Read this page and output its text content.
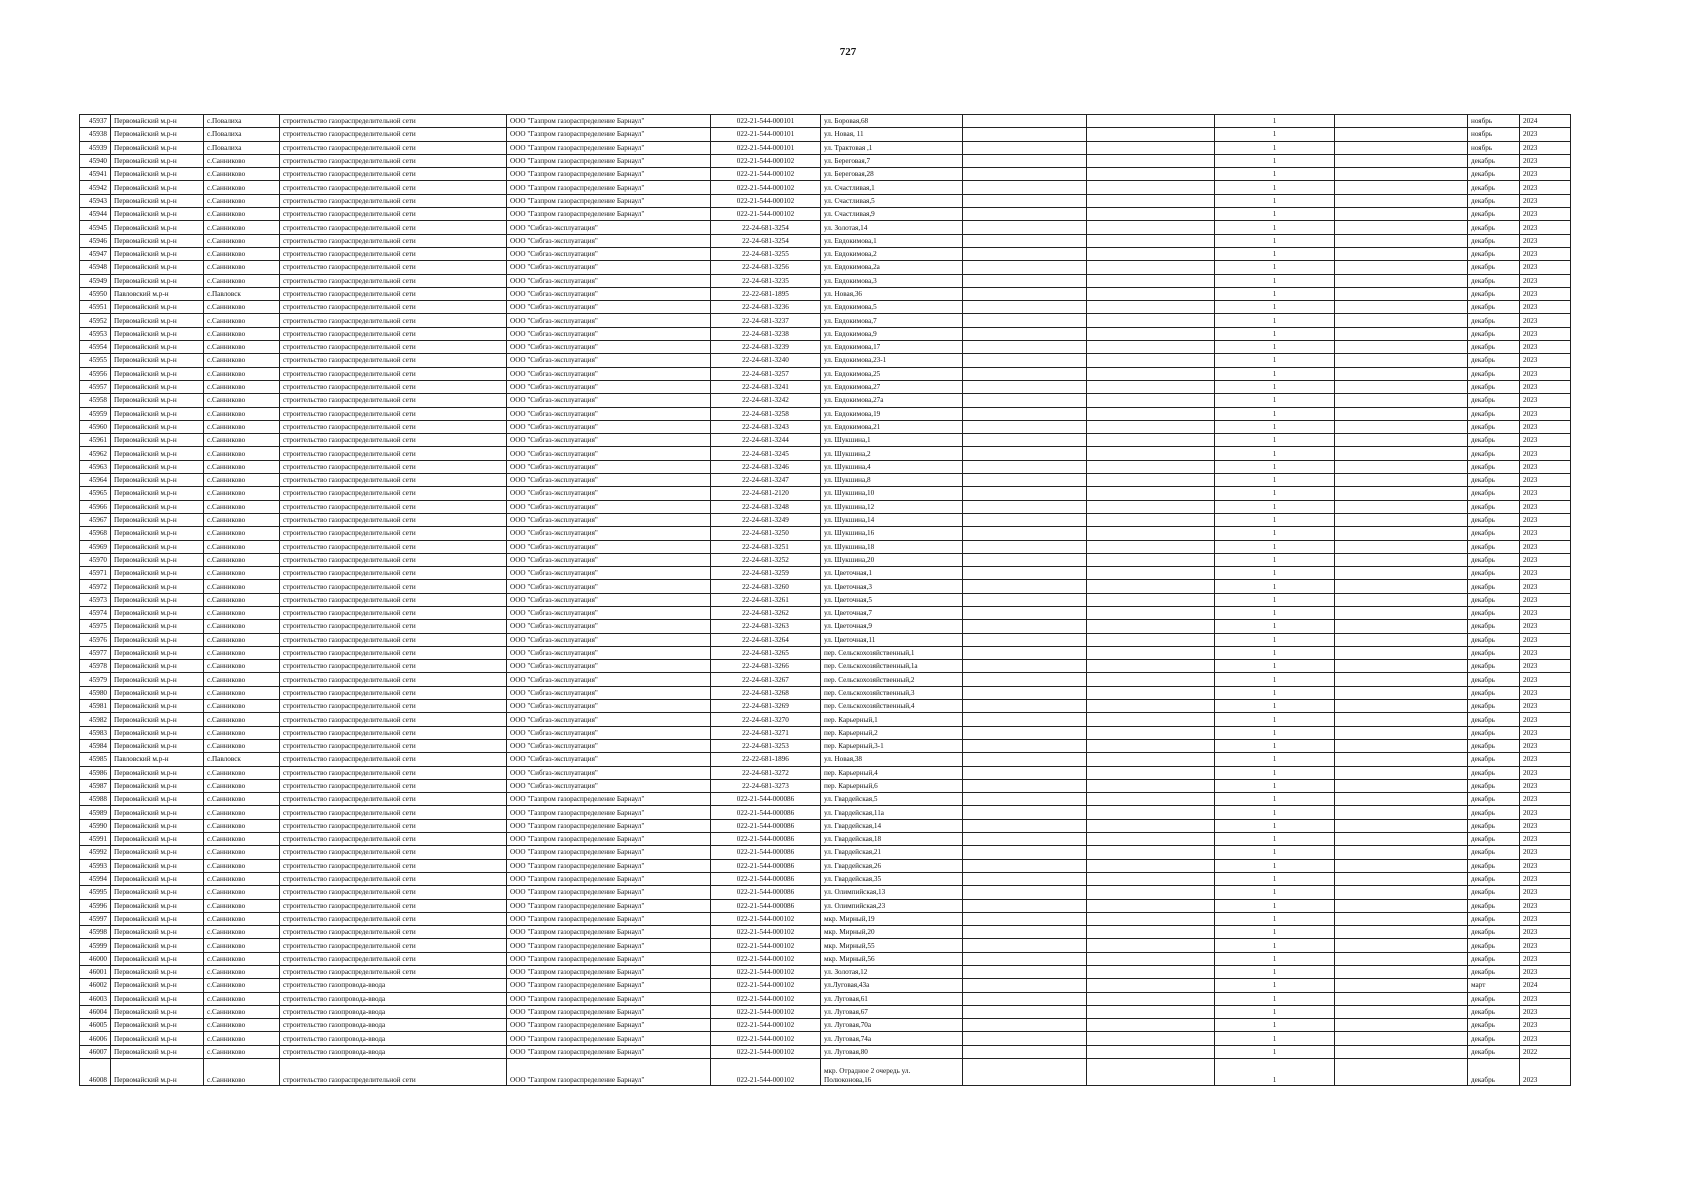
727
45937	Первомайский м.р-н	с.Повалиха	строительство газораспределительной сети	ООО "Газпром газораспределение Барнаул"	022-21-544-000101	ул. Боровая,68			1		ноябрь	2024
45938	Первомайский м.р-н	с.Повалиха	строительство газораспределительной сети	ООО "Газпром газораспределение Барнаул"	022-21-544-000101	ул. Новая, 11			1		ноябрь	2023
45939	Первомайский м.р-н	с.Повалиха	строительство газораспределительной сети	ООО "Газпром газораспределение Барнаул"	022-21-544-000101	ул. Трактовая ,1			1		ноябрь	2023
45940	Первомайский м.р-н	с.Санниково	строительство газораспределительной сети	ООО "Газпром газораспределение Барнаул"	022-21-544-000102	ул. Береговая,7			1		декабрь	2023
45941	Первомайский м.р-н	с.Санниково	строительство газораспределительной сети	ООО "Газпром газораспределение Барнаул"	022-21-544-000102	ул. Береговая,28			1		декабрь	2023
45942	Первомайский м.р-н	с.Санниково	строительство газораспределительной сети	ООО "Газпром газораспределение Барнаул"	022-21-544-000102	ул. Счастливая,1			1		декабрь	2023
45943	Первомайский м.р-н	с.Санниково	строительство газораспределительной сети	ООО "Газпром газораспределение Барнаул"	022-21-544-000102	ул. Счастливая,5			1		декабрь	2023
45944	Первомайский м.р-н	с.Санниково	строительство газораспределительной сети	ООО "Газпром газораспределение Барнаул"	022-21-544-000102	ул. Счастливая,9			1		декабрь	2023
45945	Первомайский м.р-н	с.Санниково	строительство газораспределительной сети	ООО "Сибгаз-эксплуатация"	22-24-681-3254	ул. Золотая,14			1		декабрь	2023
45946	Первомайский м.р-н	с.Санниково	строительство газораспределительной сети	ООО "Сибгаз-эксплуатация"	22-24-681-3254	ул. Евдокимова,1			1		декабрь	2023
45947	Первомайский м.р-н	с.Санниково	строительство газораспределительной сети	ООО "Сибгаз-эксплуатация"	22-24-681-3255	ул. Евдокимова,2			1		декабрь	2023
45948	Первомайский м.р-н	с.Санниково	строительство газораспределительной сети	ООО "Сибгаз-эксплуатация"	22-24-681-3256	ул. Евдокимова,2а			1		декабрь	2023
45949	Первомайский м.р-н	с.Санниково	строительство газораспределительной сети	ООО "Сибгаз-эксплуатация"	22-24-681-3235	ул. Евдокимова,3			1		декабрь	2023
45950	Павловский м.р-н	с.Павловск	строительство газораспределительной сети	ООО "Сибгаз-эксплуатация"	22-22-681-1895	ул. Новая,36			1		декабрь	2023
45951	Первомайский м.р-н	с.Санниково	строительство газораспределительной сети	ООО "Сибгаз-эксплуатация"	22-24-681-3236	ул. Евдокимова,5			1		декабрь	2023
45952	Первомайский м.р-н	с.Санниково	строительство газораспределительной сети	ООО "Сибгаз-эксплуатация"	22-24-681-3237	ул. Евдокимова,7			1		декабрь	2023
45953	Первомайский м.р-н	с.Санниково	строительство газораспределительной сети	ООО "Сибгаз-эксплуатация"	22-24-681-3238	ул. Евдокимова,9			1		декабрь	2023
45954	Первомайский м.р-н	с.Санниково	строительство газораспределительной сети	ООО "Сибгаз-эксплуатация"	22-24-681-3239	ул. Евдокимова,17			1		декабрь	2023
45955	Первомайский м.р-н	с.Санниково	строительство газораспределительной сети	ООО "Сибгаз-эксплуатация"	22-24-681-3240	ул. Евдокимова,23-1			1		декабрь	2023
45956	Первомайский м.р-н	с.Санниково	строительство газораспределительной сети	ООО "Сибгаз-эксплуатация"	22-24-681-3257	ул. Евдокимова,25			1		декабрь	2023
45957	Первомайский м.р-н	с.Санниково	строительство газораспределительной сети	ООО "Сибгаз-эксплуатация"	22-24-681-3241	ул. Евдокимова,27			1		декабрь	2023
45958	Первомайский м.р-н	с.Санниково	строительство газораспределительной сети	ООО "Сибгаз-эксплуатация"	22-24-681-3242	ул. Евдокимова,27а			1		декабрь	2023
45959	Первомайский м.р-н	с.Санниково	строительство газораспределительной сети	ООО "Сибгаз-эксплуатация"	22-24-681-3258	ул. Евдокимова,19			1		декабрь	2023
45960	Первомайский м.р-н	с.Санниково	строительство газораспределительной сети	ООО "Сибгаз-эксплуатация"	22-24-681-3243	ул. Евдокимова,21			1		декабрь	2023
45961	Первомайский м.р-н	с.Санниково	строительство газораспределительной сети	ООО "Сибгаз-эксплуатация"	22-24-681-3244	ул. Шукшина,1			1		декабрь	2023
45962	Первомайский м.р-н	с.Санниково	строительство газораспределительной сети	ООО "Сибгаз-эксплуатация"	22-24-681-3245	ул. Шукшина,2			1		декабрь	2023
45963	Первомайский м.р-н	с.Санниково	строительство газораспределительной сети	ООО "Сибгаз-эксплуатация"	22-24-681-3246	ул. Шукшина,4			1		декабрь	2023
45964	Первомайский м.р-н	с.Санниково	строительство газораспределительной сети	ООО "Сибгаз-эксплуатация"	22-24-681-3247	ул. Шукшина,8			1		декабрь	2023
45965	Первомайский м.р-н	с.Санниково	строительство газораспределительной сети	ООО "Сибгаз-эксплуатация"	22-24-681-2120	ул. Шукшина,10			1		декабрь	2023
45966	Первомайский м.р-н	с.Санниково	строительство газораспределительной сети	ООО "Сибгаз-эксплуатация"	22-24-681-3248	ул. Шукшина,12			1		декабрь	2023
45967	Первомайский м.р-н	с.Санниково	строительство газораспределительной сети	ООО "Сибгаз-эксплуатация"	22-24-681-3249	ул. Шукшина,14			1		декабрь	2023
45968	Первомайский м.р-н	с.Санниково	строительство газораспределительной сети	ООО "Сибгаз-эксплуатация"	22-24-681-3250	ул. Шукшина,16			1		декабрь	2023
45969	Первомайский м.р-н	с.Санниково	строительство газораспределительной сети	ООО "Сибгаз-эксплуатация"	22-24-681-3251	ул. Шукшина,18			1		декабрь	2023
45970	Первомайский м.р-н	с.Санниково	строительство газораспределительной сети	ООО "Сибгаз-эксплуатация"	22-24-681-3252	ул. Шукшина,20			1		декабрь	2023
45971	Первомайский м.р-н	с.Санниково	строительство газораспределительной сети	ООО "Сибгаз-эксплуатация"	22-24-681-3259	ул. Цветочная,1			1		декабрь	2023
45972	Первомайский м.р-н	с.Санниково	строительство газораспределительной сети	ООО "Сибгаз-эксплуатация"	22-24-681-3260	ул. Цветочная,3			1		декабрь	2023
45973	Первомайский м.р-н	с.Санниково	строительство газораспределительной сети	ООО "Сибгаз-эксплуатация"	22-24-681-3261	ул. Цветочная,5			1		декабрь	2023
45974	Первомайский м.р-н	с.Санниково	строительство газораспределительной сети	ООО "Сибгаз-эксплуатация"	22-24-681-3262	ул. Цветочная,7			1		декабрь	2023
45975	Первомайский м.р-н	с.Санниково	строительство газораспределительной сети	ООО "Сибгаз-эксплуатация"	22-24-681-3263	ул. Цветочная,9			1		декабрь	2023
45976	Первомайский м.р-н	с.Санниково	строительство газораспределительной сети	ООО "Сибгаз-эксплуатация"	22-24-681-3264	ул. Цветочная,11			1		декабрь	2023
45977	Первомайский м.р-н	с.Санниково	строительство газораспределительной сети	ООО "Сибгаз-эксплуатация"	22-24-681-3265	пер. Сельскохозяйственный,1			1		декабрь	2023
45978	Первомайский м.р-н	с.Санниково	строительство газораспределительной сети	ООО "Сибгаз-эксплуатация"	22-24-681-3266	пер. Сельскохозяйственный,1а			1		декабрь	2023
45979	Первомайский м.р-н	с.Санниково	строительство газораспределительной сети	ООО "Сибгаз-эксплуатация"	22-24-681-3267	пер. Сельскохозяйственный,2			1		декабрь	2023
45980	Первомайский м.р-н	с.Санниково	строительство газораспределительной сети	ООО "Сибгаз-эксплуатация"	22-24-681-3268	пер. Сельскохозяйственный,3			1		декабрь	2023
45981	Первомайский м.р-н	с.Санниково	строительство газораспределительной сети	ООО "Сибгаз-эксплуатация"	22-24-681-3269	пер. Сельскохозяйственный,4			1		декабрь	2023
45982	Первомайский м.р-н	с.Санниково	строительство газораспределительной сети	ООО "Сибгаз-эксплуатация"	22-24-681-3270	пер. Карьерный,1			1		декабрь	2023
45983	Первомайский м.р-н	с.Санниково	строительство газораспределительной сети	ООО "Сибгаз-эксплуатация"	22-24-681-3271	пер. Карьерный,2			1		декабрь	2023
45984	Первомайский м.р-н	с.Санниково	строительство газораспределительной сети	ООО "Сибгаз-эксплуатация"	22-24-681-3253	пер. Карьерный,3-1			1		декабрь	2023
45985	Павловский м.р-н	с.Павловск	строительство газораспределительной сети	ООО "Сибгаз-эксплуатация"	22-22-681-1896	ул. Новая,38			1		декабрь	2023
45986	Первомайский м.р-н	с.Санниково	строительство газораспределительной сети	ООО "Сибгаз-эксплуатация"	22-24-681-3272	пер. Карьерный,4			1		декабрь	2023
45987	Первомайский м.р-н	с.Санниково	строительство газораспределительной сети	ООО "Сибгаз-эксплуатация"	22-24-681-3273	пер. Карьерный,6			1		декабрь	2023
45988	Первомайский м.р-н	с.Санниково	строительство газораспределительной сети	ООО "Газпром газораспределение Барнаул"	022-21-544-000086	ул. Гвардейская,5			1		декабрь	2023
45989	Первомайский м.р-н	с.Санниково	строительство газораспределительной сети	ООО "Газпром газораспределение Барнаул"	022-21-544-000086	ул. Гвардейская,11а			1		декабрь	2023
45990	Первомайский м.р-н	с.Санниково	строительство газораспределительной сети	ООО "Газпром газораспределение Барнаул"	022-21-544-000086	ул. Гвардейская,14			1		декабрь	2023
45991	Первомайский м.р-н	с.Санниково	строительство газораспределительной сети	ООО "Газпром газораспределение Барнаул"	022-21-544-000086	ул. Гвардейская,18			1		декабрь	2023
45992	Первомайский м.р-н	с.Санниково	строительство газораспределительной сети	ООО "Газпром газораспределение Барнаул"	022-21-544-000086	ул. Гвардейская,21			1		декабрь	2023
45993	Первомайский м.р-н	с.Санниково	строительство газораспределительной сети	ООО "Газпром газораспределение Барнаул"	022-21-544-000086	ул. Гвардейская,26			1		декабрь	2023
45994	Первомайский м.р-н	с.Санниково	строительство газораспределительной сети	ООО "Газпром газораспределение Барнаул"	022-21-544-000086	ул. Гвардейская,35			1		декабрь	2023
45995	Первомайский м.р-н	с.Санниково	строительство газораспределительной сети	ООО "Газпром газораспределение Барнаул"	022-21-544-000086	ул. Олимпийская,13			1		декабрь	2023
45996	Первомайский м.р-н	с.Санниково	строительство газораспределительной сети	ООО "Газпром газораспределение Барнаул"	022-21-544-000086	ул. Олимпийская,23			1		декабрь	2023
45997	Первомайский м.р-н	с.Санниково	строительство газораспределительной сети	ООО "Газпром газораспределение Барнаул"	022-21-544-000102	мкр. Мирный,19			1		декабрь	2023
45998	Первомайский м.р-н	с.Санниково	строительство газораспределительной сети	ООО "Газпром газораспределение Барнаул"	022-21-544-000102	мкр. Мирный,20			1		декабрь	2023
45999	Первомайский м.р-н	с.Санниково	строительство газораспределительной сети	ООО "Газпром газораспределение Барнаул"	022-21-544-000102	мкр. Мирный,55			1		декабрь	2023
46000	Первомайский м.р-н	с.Санниково	строительство газораспределительной сети	ООО "Газпром газораспределение Барнаул"	022-21-544-000102	мкр. Мирный,56			1		декабрь	2023
46001	Первомайский м.р-н	с.Санниково	строительство газораспределительной сети	ООО "Газпром газораспределение Барнаул"	022-21-544-000102	ул. Золотая,12			1		декабрь	2023
46002	Первомайский м.р-н	с.Санниково	строительство газопровода-ввода	ООО "Газпром газораспределение Барнаул"	022-21-544-000102	ул.Луговая,43а			1		март	2024
46003	Первомайский м.р-н	с.Санниково	строительство газопровода-ввода	ООО "Газпром газораспределение Барнаул"	022-21-544-000102	ул. Луговая,61			1		декабрь	2023
46004	Первомайский м.р-н	с.Санниково	строительство газопровода-ввода	ООО "Газпром газораспределение Барнаул"	022-21-544-000102	ул. Луговая,67			1		декабрь	2023
46005	Первомайский м.р-н	с.Санниково	строительство газопровода-ввода	ООО "Газпром газораспределение Барнаул"	022-21-544-000102	ул. Луговая,70а			1		декабрь	2023
46006	Первомайский м.р-н	с.Санниково	строительство газопровода-ввода	ООО "Газпром газораспределение Барнаул"	022-21-544-000102	ул. Луговая,74а			1		декабрь	2023
46007	Первомайский м.р-н	с.Санниково	строительство газопровода-ввода	ООО "Газпром газораспределение Барнаул"	022-21-544-000102	ул. Луговая,80			1		декабрь	2022
46008	Первомайский м.р-н	с.Санниково	строительство газораспределительной сети	ООО "Газпром газораспределение Барнаул"	022-21-544-000102	мкр. Отрадное 2 очередь ул. Полюконова,16			1		декабрь	2023
